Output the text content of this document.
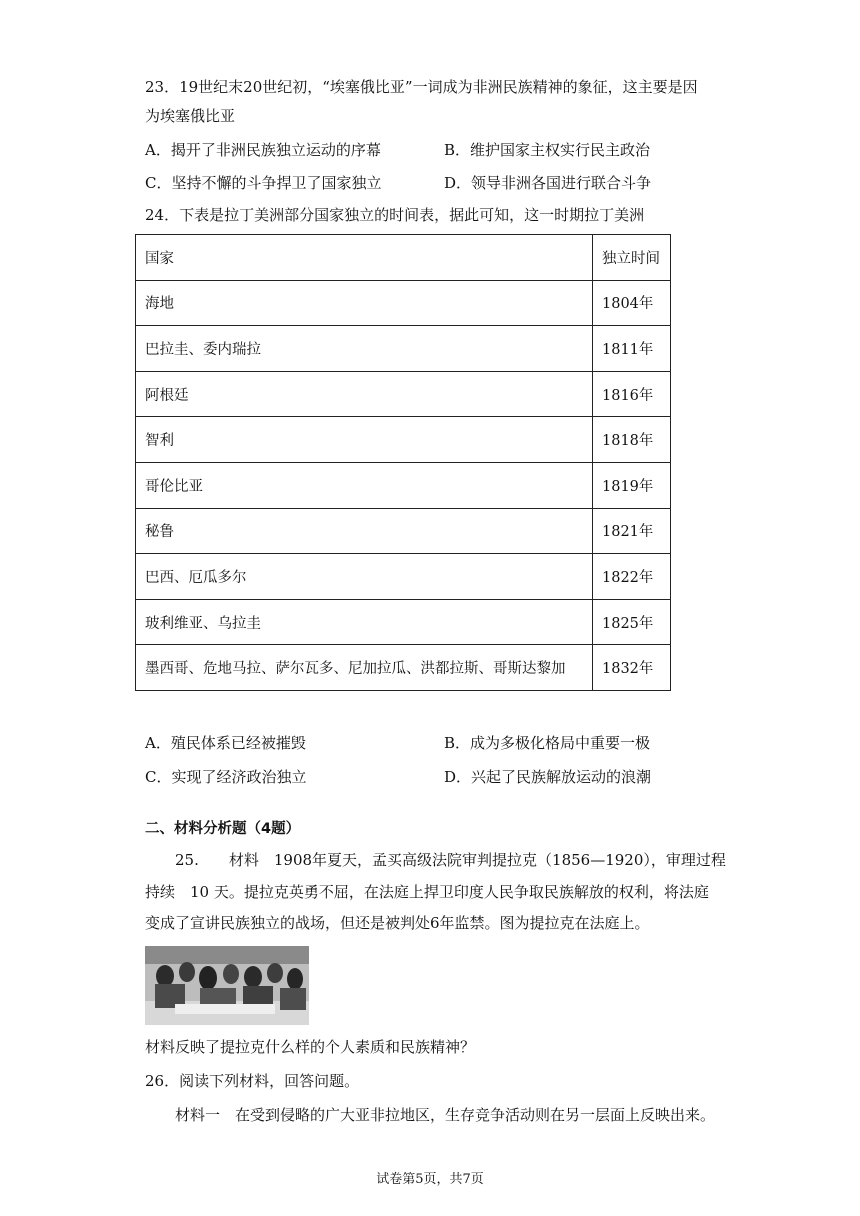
23．19世纪末20世纪初，“埃塞俄比亚”一词成为非洲民族精神的象征，这主要是因
为埃塞俄比亚
A．揭开了非洲民族独立运动的序幕	B．维护国家主权实行民主政治
C．坚持不懈的斗争捍卫了国家独立	D．领导非洲各国进行联合斗争
24．下表是拉丁美洲部分国家独立的时间表，据此可知，这一时期拉丁美洲
国家	独立时间
海地	1804年
巴拉圭、委内瑞拉	1811年
阿根廷	1816年
智利	1818年
哥伦比亚	1819年
秘鲁	1821年
巴西、厄瓜多尔	1822年
玻利维亚、乌拉圭	1825年
墨西哥、危地马拉、萨尔瓦多、尼加拉瓜、洪都拉斯、哥斯达黎加	1832年
A．殖民体系已经被摧毁	B．成为多极化格局中重要一极
C．实现了经济政治独立	D．兴起了民族解放运动的浪潮
二、材料分析题（4题）
25.　　材料　1908年夏天，孟买高级法院审判提拉克（1856—1920），审理过程
持续　10 天。提拉克英勇不屈，在法庭上捍卫印度人民争取民族解放的权利，将法庭
变成了宣讲民族独立的战场，但还是被判处6年监禁。图为提拉克在法庭上。
材料反映了提拉克什么样的个人素质和民族精神？
26．阅读下列材料，回答问题。
材料一　在受到侵略的广大亚非拉地区，生存竞争活动则在另一层面上反映出来。
试卷第5页，共7页
